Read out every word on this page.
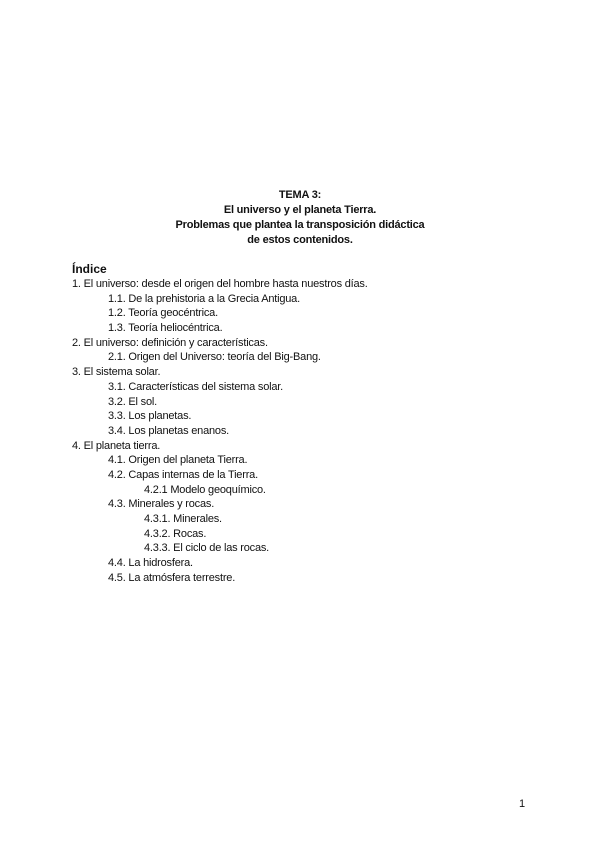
TEMA 3:
El universo y el planeta Tierra.
Problemas que plantea la transposición didáctica
de estos contenidos.
Índice
1. El universo: desde el origen del hombre hasta nuestros días.
1.1. De la prehistoria a la Grecia Antigua.
1.2. Teoría geocéntrica.
1.3. Teoría heliocéntrica.
2. El universo: definición y características.
2.1. Origen del Universo: teoría del Big-Bang.
3. El sistema solar.
3.1. Características del sistema solar.
3.2. El sol.
3.3. Los planetas.
3.4. Los planetas enanos.
4. El planeta tierra.
4.1. Origen del planeta Tierra.
4.2. Capas internas de la Tierra.
4.2.1 Modelo geoquímico.
4.3. Minerales y rocas.
4.3.1. Minerales.
4.3.2. Rocas.
4.3.3. El ciclo de las rocas.
4.4. La hidrosfera.
4.5. La atmósfera terrestre.
1
